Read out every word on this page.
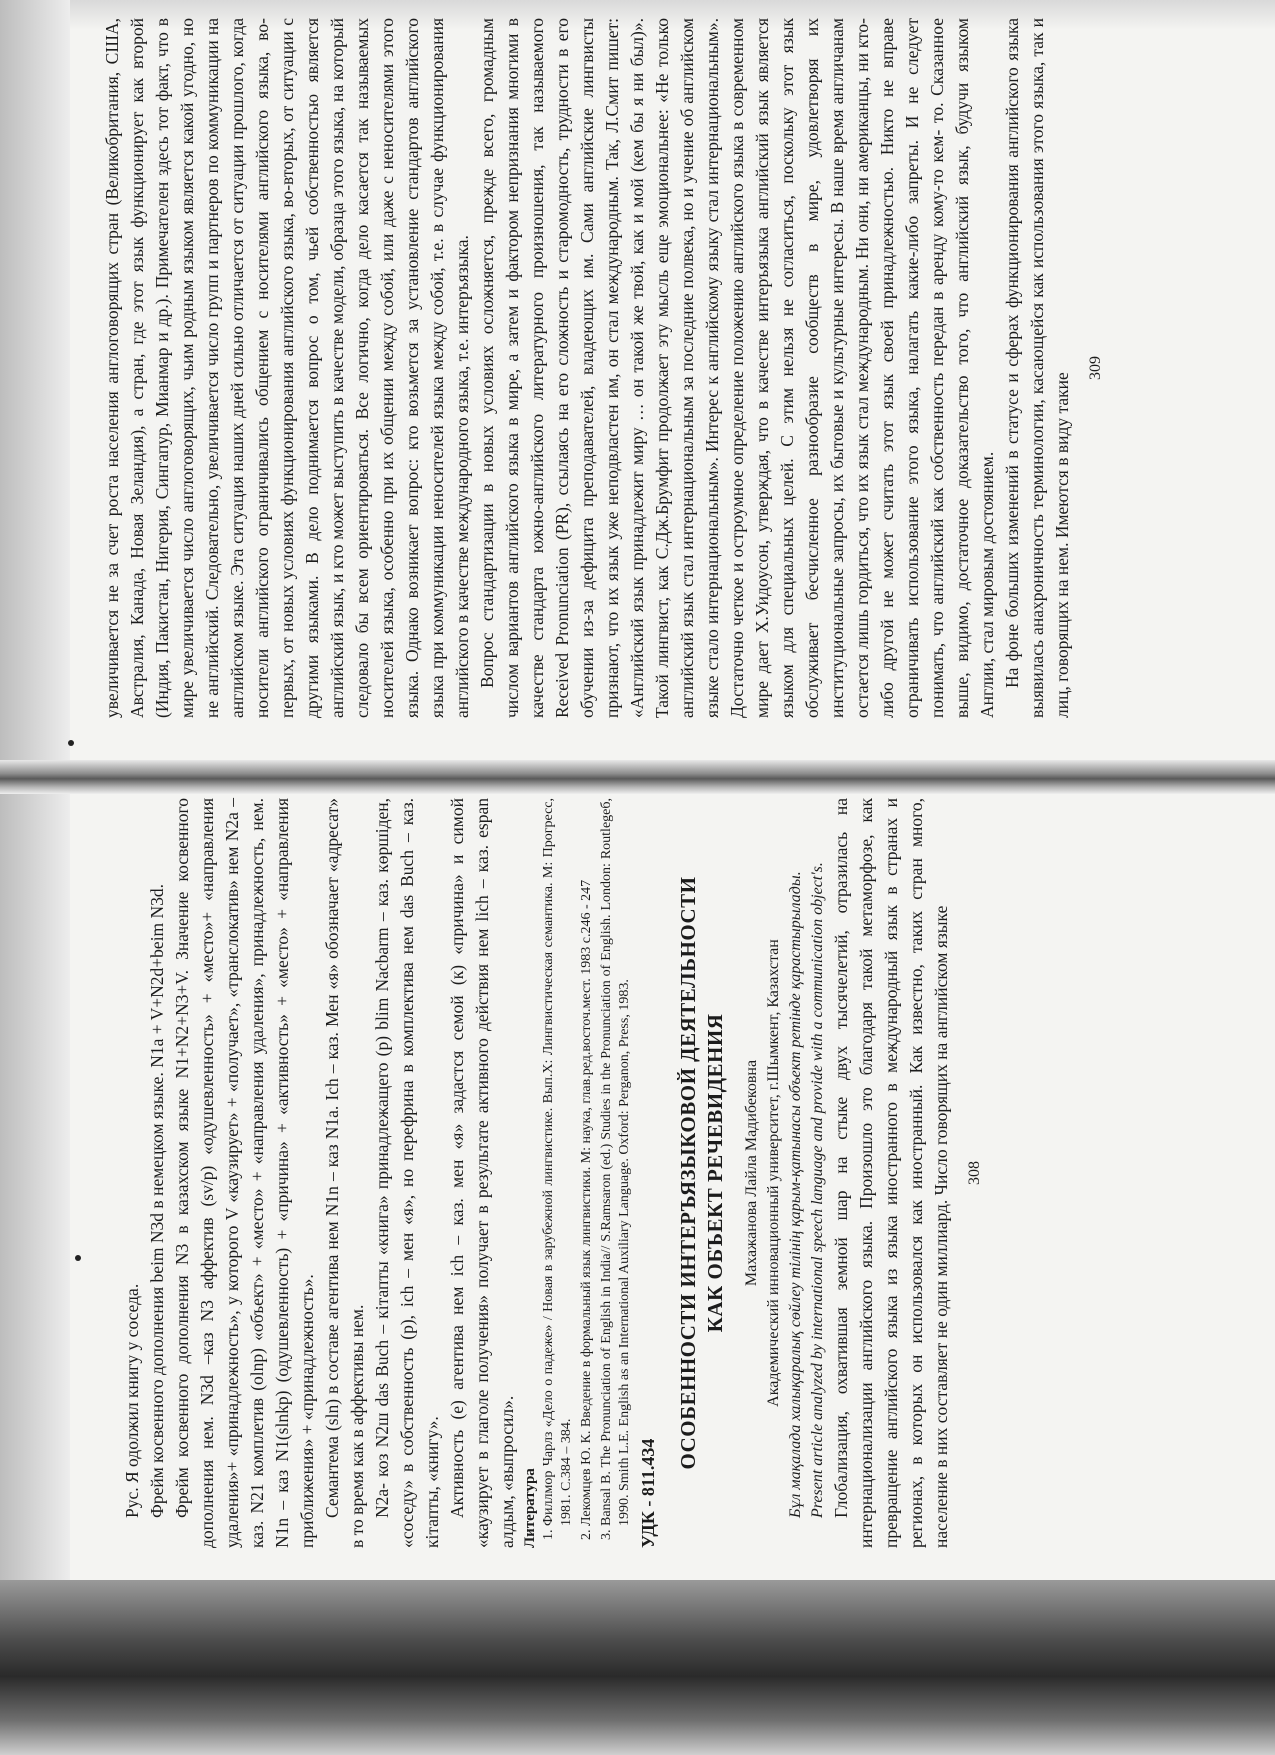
увеличивается не за счет роста населения англоговорящих стран (Великобритания, США, Австралия, Канада, Новая Зеландия), а стран, где этот язык функционирует как второй (Индия, Пакистан, Нигерия, Сингапур, Мианмар и др.). Примечателен здесь тот факт, что в мире увеличивается число англоговорящих, чьим родным языком является какой угодно, но не английский. Следовательно, увеличивается число групп и партнеров по коммуникации на английском языке. Эта ситуация наших дней сильно отличается от ситуации прошлого, когда носители английского ограничивались общением с носителями английского языка, во-первых, от новых условиях функционирования английского языка, во-вторых, от ситуации с другими языками. В дело поднимается вопрос о том, чьей собственностью является английский язык, и кто может выступить в качестве модели, образца этого языка, на который следовало бы всем ориентироваться. Все логично, когда дело касается так называемых носителей языка, особенно при их общении между собой, или даже с неносителями этого языка. Однако возникает вопрос: кто возьмется за установление стандартов английского языка при коммуникации неносителей языка между собой, т.е. в случае функционирования английского в качестве международного языка, т.е. интеръязыка. Вопрос стандартизации в новых условиях осложняется, прежде всего, громадным числом вариантов английского языка в мире, а затем и фактором непризнания многими в качестве стандарта южно-английского литературного произношения, так называемого Received Pronunciation (PR), ссылаясь на его сложность и старомодность, трудности в его обучении из-за дефицита преподавателей, владеющих им. Сами английские лингвисты признают, что их язык уже неподвластен им, он стал международным. Так, Л.Смит пишет: «Английский язык принадлежит миру … он такой же твой, как и мой (кем бы я ни был)». Такой лингвист, как С.Дж.Брумфит продолжает эту мысль еще эмоциональнее: «Не только английский язык стал интернациональным за последние полвека, но и учение об английском языке стало интернациональным». Интерес к английскому языку стал интернациональным». Достаточно четкое и остроумное определение положению английского языка в современном мире дает Х.Уидоусон, утверждая, что в качестве интеръязыка английский язык является языком для специальных целей. С этим нельзя не согласиться, поскольку этот язык обслуживает бесчисленное разнообразие сообществ в мире, удовлетворяя их институциональные запросы, их бытовые и культурные интересы. В наше время англичанам остается лишь гордиться, что их язык стал международным. Ни они, ни американцы, ни кто-либо другой не может считать этот язык своей принадлежностью. Никто не вправе ограничивать использование этого языка, налагать какие-либо запреты. И не следует понимать, что английский как собственность передан в аренду кому-то кем- то. Сказанное выше, видимо, достаточное доказательство того, что английский язык, будучи языком Англии, стал мировым достоянием. На фоне больших изменений в статусе и сферах функционирования английского языка выявилась анахроничность терминологии, касающейся как использования этого языка, так и лиц, говорящих на нем. Имеются в виду такие

309

Рус. Я одолжил книгу у соседа. Фрейм косвенного дополнения beim N3d в немецком языке. N1a + V+N2d+beim N3d. Фрейм косвенного дополнения N3 в казахском языке N1+N2+N3+V. Значение косвенного дополнения нем. N3d –каз N3 аффектив (sv/p) «одушевленность» + «место»+ «направления удаления»+ «принадлежность», у которого V «каузирует» + «получает», «транслокатив» нем N2a –каз. N21 комплетив (olnp) «объект» + «место» + «направления удаления», принадлежность, нем. N1n – каз N1(slnkp) (одушевленность) + «причина» + «активность» + «место» + «направления приближения» + «принадлежность». Семантема (sln) в составе агентива нем N1n – каз N1a. Ich – каз. Мен «я» обозначает «адресат» в то время как в аффективы нем. N2a- коз N2ш das Buch – кітапты «книга» принадлежащего (p) blim Nacbarm – каз. көршіден, «соседу» в собственность (p), ich – мен «я», но перефрина в комплектива нем das Buch – каз. кітапты, «книгу». Активность (е) агентива нем ich – каз. мен «я» задастся семой (к) «причина» и симой «каузирует в глаголе получения» получает в результате активного действия нем lich – каз. espan алдым, «выпросил». Литература 1. Филлмор Чарлз «Дело о падеже» / Новая в зарубежной лингвистике. Вып.Х: Лингвистическая семантика. М: Прогресс, 1981. С.384 – 384. 2. Лекомцев Ю. К. Введение в формальный язык лингвистики. М: наука, глав.ред.восточ.мест. 1983 с.246 - 247 3. Bansal B. The Pronunciation of English in India// S.Ramsaron (ed.) Studies in the Pronunciation of English. London: Routlegeб, 1990. Smith L.E. English as an International Auxiliary Language. Oxford: Perganon, Press, 1983. УДК - 811.434

ОСОБЕННОСТИ ИНТЕРЪЯЗЫКОВОЙ ДЕЯТЕЛЬНОСТИ КАК ОБЪЕКТ РЕЧЕВИДЕНИЯ Махажанова Лайла Мадибековна Академический инновационный университет, г.Шымкент, Казахстан Бұл мақалада халықаралық сөйлеу тілінің қарым-қатынасы объект ретінде қарастырылады. Present article analyzed by international speech language and provide with a communication object's. Глобализация, охватившая земной шар на стыке двух тысячелетий, отразилась на интернационализации английского языка. Произошло это благодаря такой метаморфозе, как превращение английского языка из языка иностранного в международный язык в странах и регионах, в которых он использовался как иностранный. Как известно, таких стран много, население в них составляет не один миллиард. Число говорящих на английском языке 308
